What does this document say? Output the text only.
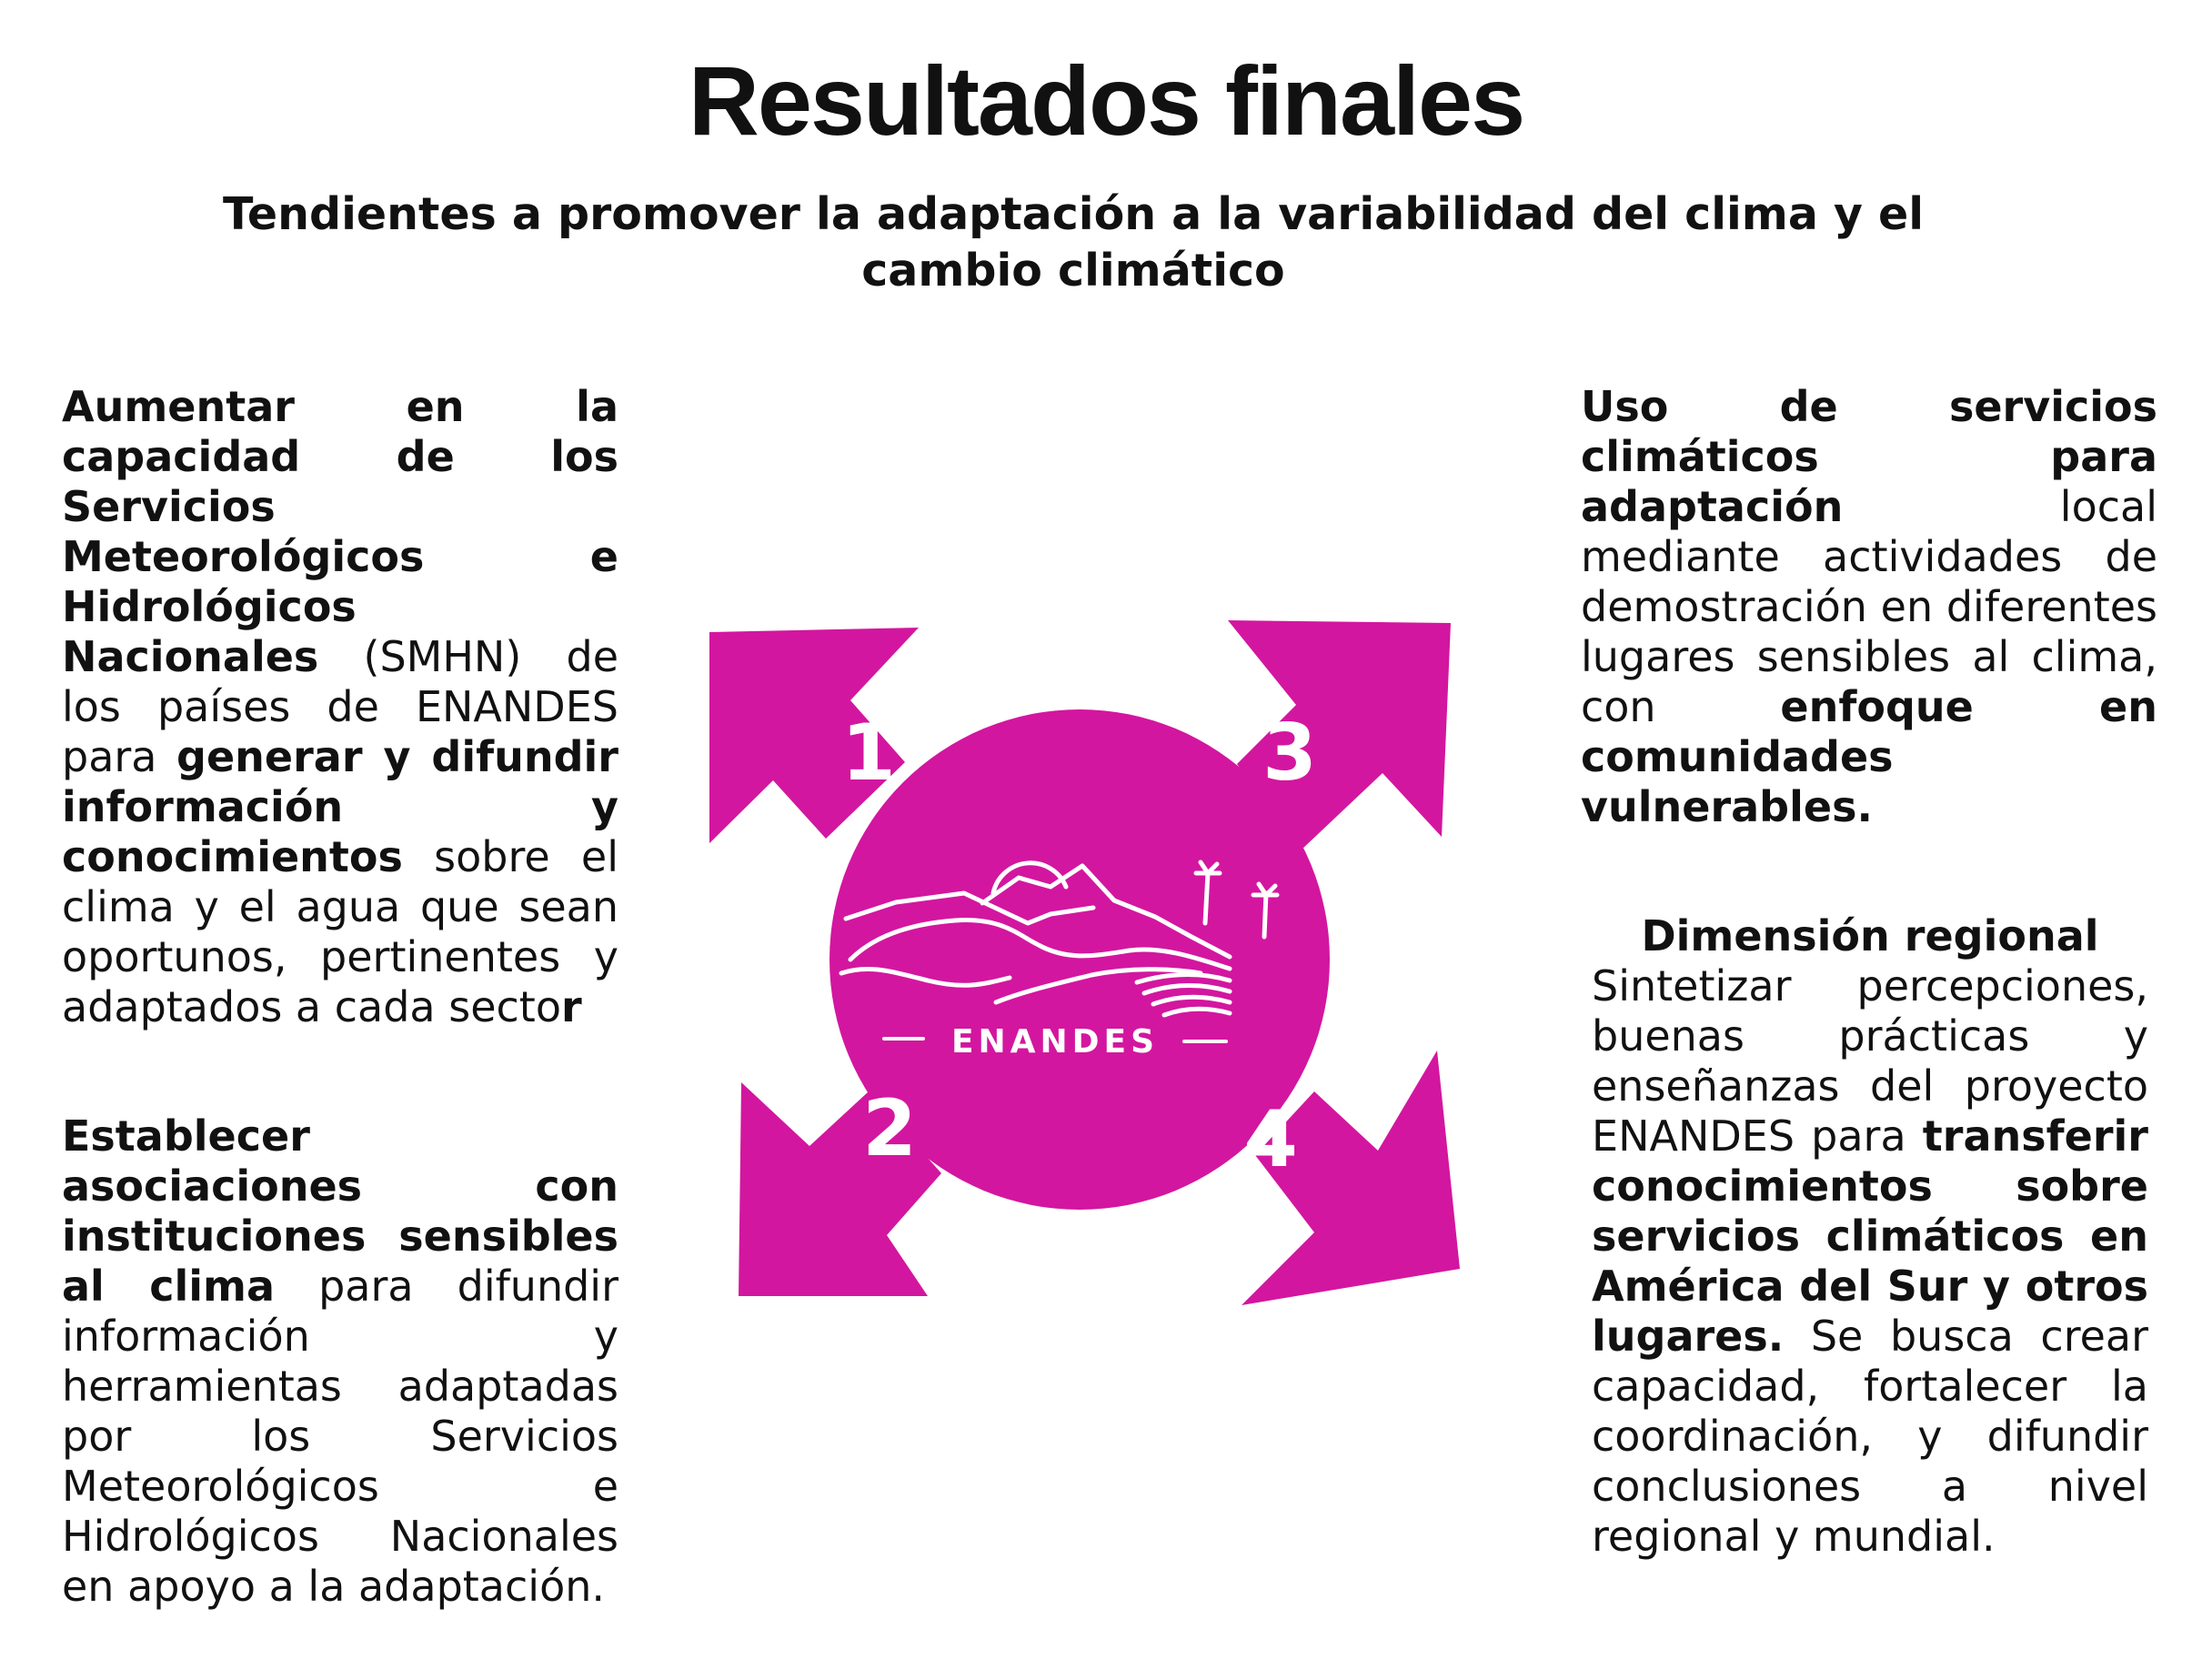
Resultados finales

Tendientes a promover la adaptación a la variabilidad del clima y el cambio climático

Aumentar en la capacidad de los Servicios Meteorológicos e Hidrológicos Nacionales (SMHN) de los países de ENANDES para generar y difundir información y conocimientos sobre el clima y el agua que sean oportunos, pertinentes y adaptados a cada sector

Establecer asociaciones con instituciones sensibles al clima para difundir información y herramientas adaptadas por los Servicios Meteorológicos e Hidrológicos Nacionales en apoyo a la adaptación.

Uso de servicios climáticos para adaptación local mediante actividades de demostración en diferentes lugares sensibles al clima, con enfoque en comunidades vulnerables.

Dimensión regional
Sintetizar percepciones, buenas prácticas y enseñanzas del proyecto ENANDES para transferir conocimientos sobre servicios climáticos en América del Sur y otros lugares. Se busca crear capacidad, fortalecer la coordinación, y difundir conclusiones a nivel regional y mundial.

1
2
3
4
ENANDES
